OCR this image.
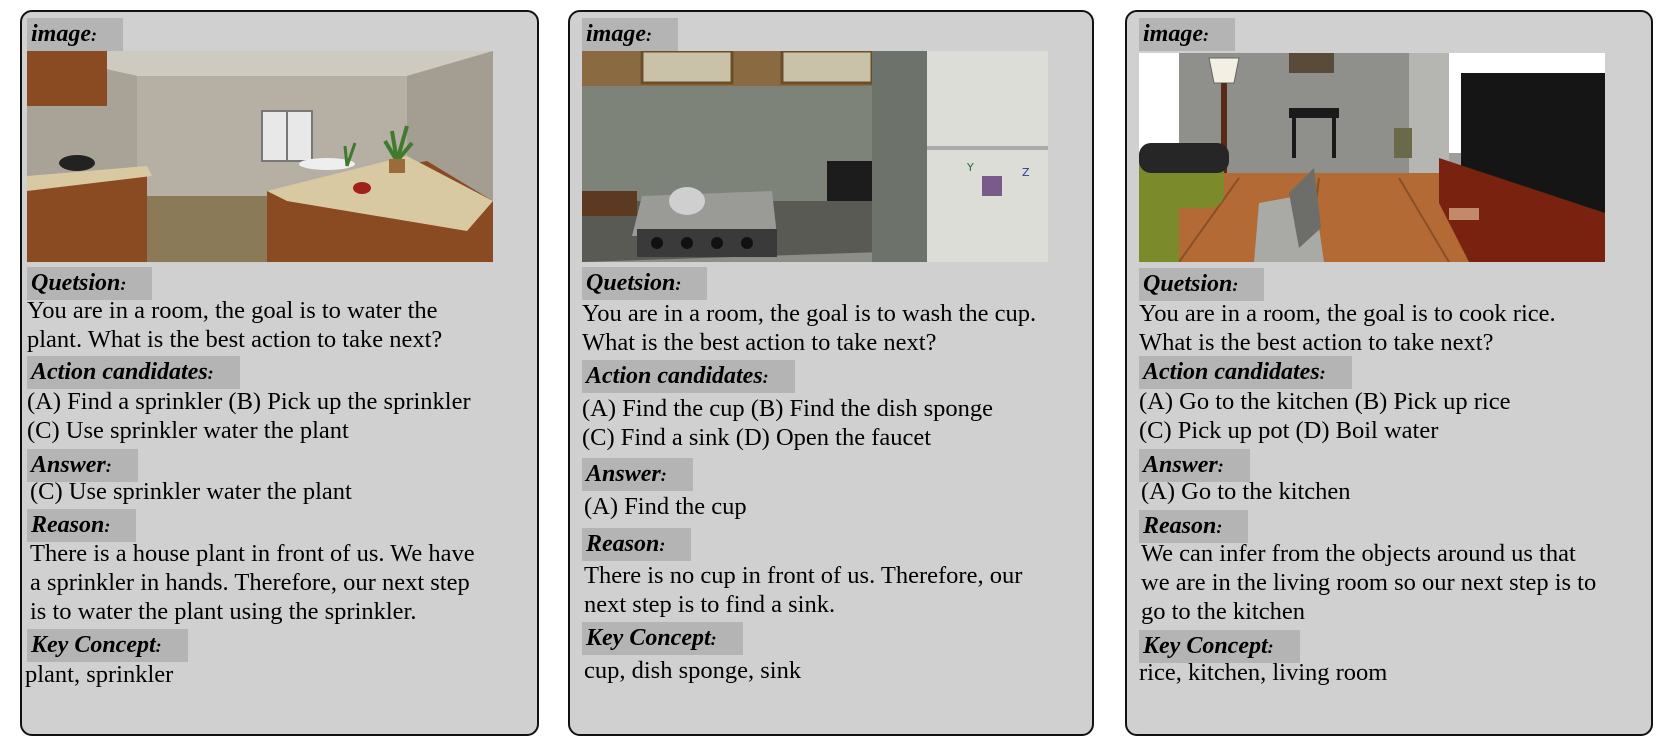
image:
Quetsion:
You are in a room, the goal is to water the
plant. What is the best action to take next?
Action candidates:
(A) Find a sprinkler (B) Pick up the sprinkler
(C) Use sprinkler water the plant
Answer:
(C) Use sprinkler water the plant
Reason:
There is a house plant in front of us. We have
a sprinkler in hands. Therefore, our next step
is to water the plant using the sprinkler.
Key Concept:
plant, sprinkler
image:
Y	Z
Quetsion:
You are in a room, the goal is to wash the cup.
What is the best action to take next?
Action candidates:
(A) Find the cup (B) Find the dish sponge
(C) Find a sink (D) Open the faucet
Answer:
(A) Find the cup
Reason:
There is no cup in front of us. Therefore, our
next step is to find a sink.
Key Concept:
cup, dish sponge, sink
image:
Quetsion:
You are in a room, the goal is to cook rice.
What is the best action to take next?
Action candidates:
(A) Go to the kitchen (B) Pick up rice
(C) Pick up pot (D) Boil water
Answer:
(A) Go to the kitchen
Reason:
We can infer from the objects around us that
we are in the living room so our next step is to
go to the kitchen
Key Concept:
rice, kitchen, living room
